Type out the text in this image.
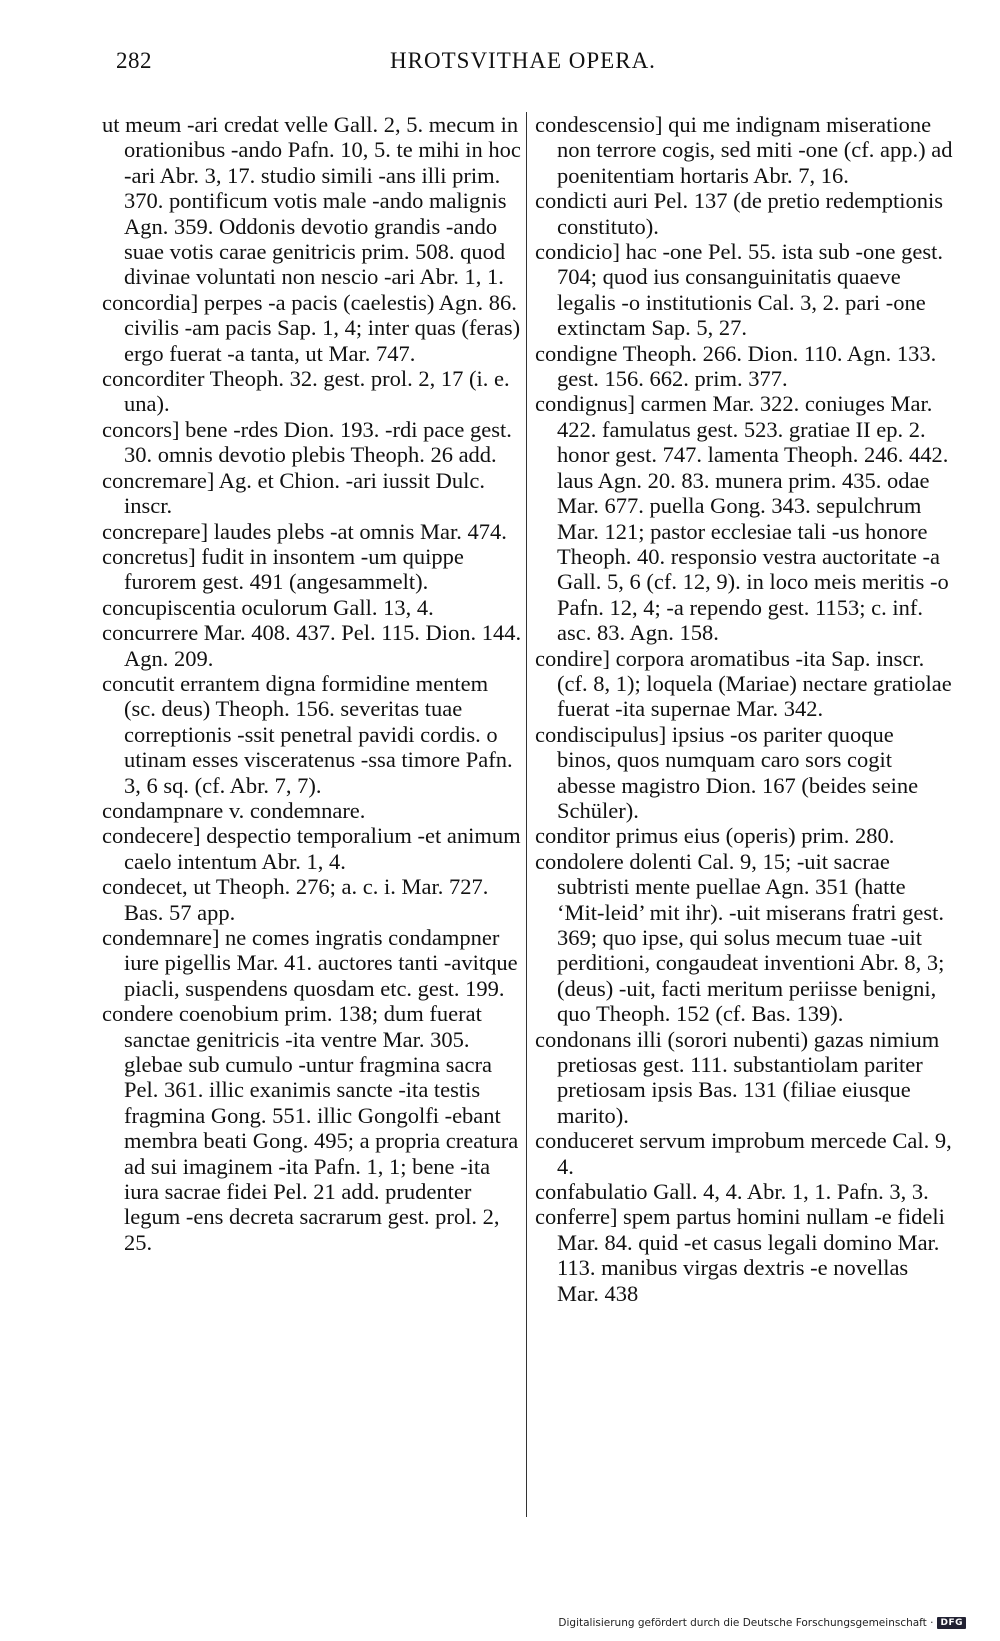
282	HROTSVITHAE OPERA.

ut meum -ari credat velle Gall. 2, 5. mecum in orationibus -ando Pafn. 10, 5. te mihi in hoc -ari Abr. 3, 17. studio simili -ans illi prim. 370. pontificum votis male -ando malignis Agn. 359. Oddonis devotio grandis -ando suae votis carae genitricis prim. 508. quod divinae voluntati non nescio -ari Abr. 1, 1.

concordia] perpes -a pacis (caelestis) Agn. 86. civilis -am pacis Sap. 1, 4; inter quas (feras) ergo fuerat -a tanta, ut Mar. 747.

concorditer Theoph. 32. gest. prol. 2, 17 (i. e. una).

concors] bene -rdes Dion. 193. -rdi pace gest. 30. omnis devotio plebis Theoph. 26 add.

concremare] Ag. et Chion. -ari iussit Dulc. inscr.

concrepare] laudes plebs -at omnis Mar. 474.

concretus] fudit in insontem -um quippe furorem gest. 491 (angesammelt).

concupiscentia oculorum Gall. 13, 4.

concurrere Mar. 408. 437. Pel. 115. Dion. 144. Agn. 209.

concutit errantem digna formidine mentem (sc. deus) Theoph. 156. severitas tuae correptionis -ssit penetral pavidi cordis. o utinam esses visceratenus -ssa timore Pafn. 3, 6 sq. (cf. Abr. 7, 7).

condampnare v. condemnare.

condecere] despectio temporalium -et animum caelo intentum Abr. 1, 4.

condecet, ut Theoph. 276; a. c. i. Mar. 727. Bas. 57 app.

condemnare] ne comes ingratis condampner iure pigellis Mar. 41. auctores tanti -avitque piacli, suspendens quosdam etc. gest. 199.

condere coenobium prim. 138; dum fuerat sanctae genitricis -ita ventre Mar. 305. glebae sub cumulo -untur fragmina sacra Pel. 361. illic exanimis sancte -ita testis fragmina Gong. 551. illic Gongolfi -ebant membra beati Gong. 495; a propria creatura ad sui imaginem -ita Pafn. 1, 1; bene -ita iura sacrae fidei Pel. 21 add. prudenter legum -ens decreta sacrarum gest. prol. 2, 25.

condescensio] qui me indignam miseratione non terrore cogis, sed miti -one (cf. app.) ad poenitentiam hortaris Abr. 7, 16.

condicti auri Pel. 137 (de pretio redemptionis constituto).

condicio] hac -one Pel. 55. ista sub -one gest. 704; quod ius consanguinitatis quaeve legalis -o institutionis Cal. 3, 2. pari -one extinctam Sap. 5, 27.

condigne Theoph. 266. Dion. 110. Agn. 133. gest. 156. 662. prim. 377.

condignus] carmen Mar. 322. coniuges Mar. 422. famulatus gest. 523. gratiae II ep. 2. honor gest. 747. lamenta Theoph. 246. 442. laus Agn. 20. 83. munera prim. 435. odae Mar. 677. puella Gong. 343. sepulchrum Mar. 121; pastor ecclesiae tali -us honore Theoph. 40. responsio vestra auctoritate -a Gall. 5, 6 (cf. 12, 9). in loco meis meritis -o Pafn. 12, 4; -a rependo gest. 1153; c. inf. asc. 83. Agn. 158.

condire] corpora aromatibus -ita Sap. inscr. (cf. 8, 1); loquela (Mariae) nectare gratiolae fuerat -ita supernae Mar. 342.

condiscipulus] ipsius -os pariter quoque binos, quos numquam caro sors cogit abesse magistro Dion. 167 (beides seine Schüler).

conditor primus eius (operis) prim. 280.

condolere dolenti Cal. 9, 15; -uit sacrae subtristi mente puellae Agn. 351 (hatte ‘Mit-leid’ mit ihr). -uit miserans fratri gest. 369; quo ipse, qui solus mecum tuae -uit perditioni, congaudeat inventioni Abr. 8, 3; (deus) -uit, facti meritum periisse benigni, quo Theoph. 152 (cf. Bas. 139).

condonans illi (sorori nubenti) gazas nimium pretiosas gest. 111. substantiolam pariter pretiosam ipsis Bas. 131 (filiae eiusque marito).

conduceret servum improbum mercede Cal. 9, 4.

confabulatio Gall. 4, 4. Abr. 1, 1. Pafn. 3, 3.

conferre] spem partus homini nullam -e fideli Mar. 84. quid -et casus legali domino Mar. 113. manibus virgas dextris -e novellas Mar. 438

Digitalisierung gefördert durch die Deutsche Forschungsgemeinschaft · DFG
